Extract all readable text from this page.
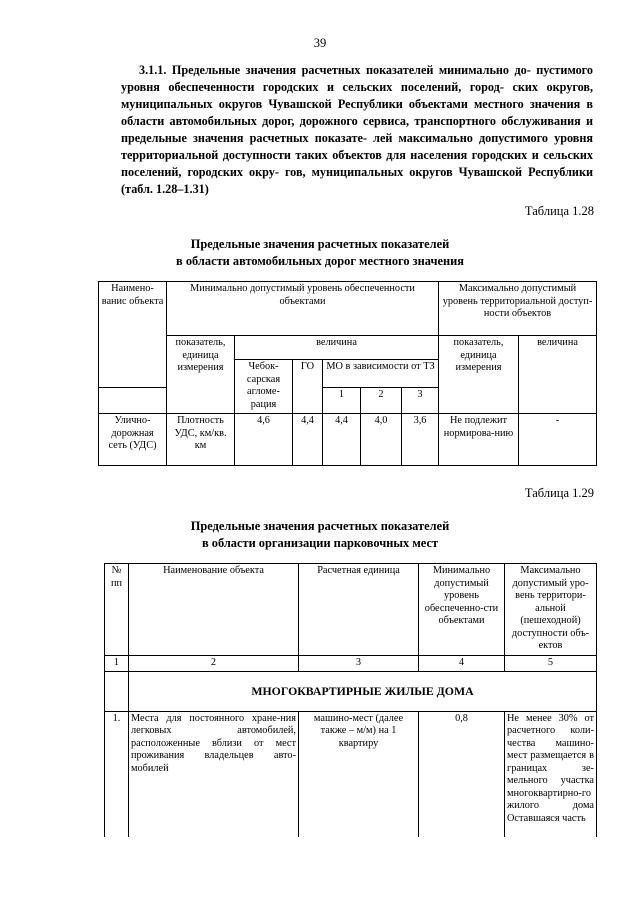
39

3.1.1. Предельные значения расчетных показателей минимально до- пустимого уровня обеспеченности городских и сельских поселений, город- ских округов, муниципальных округов Чувашской Республики объектами местного значения в области автомобильных дорог, дорожного сервиса, транспортного обслуживания и предельные значения расчетных показате- лей максимально допустимого уровня территориальной доступности таких объектов для населения городских и сельских поселений, городских окру- гов, муниципальных округов Чувашской Республики (табл. 1.28–1.31)

Таблица 1.28
Предельные значения расчетных показателей
в области автомобильных дорог местного значения
Наимено-ванис объекта	Минимально допустимый уровень обеспеченности объектами						Максимально допустимый уровень территориальной доступ-ности объектов	
	показатель, единица измерения	величина					показатель, единица измерения	величина
		Чебок-сарская агломе-рация	ГО	МО в зависимости от ТЗ				
				1	2	3		
Улично-дорожная сеть (УДС)	Плотность УДС, км/кв. км	4,6	4,4	4,4	4,0	3,6	Не подлежит нормирова-нию	-
Таблица 1.29
Предельные значения расчетных показателей
в области организации парковочных мест
№ пп	Наименование объекта	Расчетная единица	Минимально допустимый уровень обеспеченно-сти объектами	Максимально допустимый уро-вень территори-альной (пешеходной) доступности объ-ектов
1	2	3	4	5
	МНОГОКВАРТИРНЫЕ ЖИЛЫЕ ДОМА			
1.	Места для постоянного хране-ния легковых автомобилей, расположенные вблизи от мест проживания владельцев авто-мобилей	машино-мест (далее также – м/м) на 1 квартиру	0,8	Не менее 30% от расчетного коли-чества машино-мест размещается в границах зе-мельного участка многоквартирно-го жилого дома Оставшаяся часть
